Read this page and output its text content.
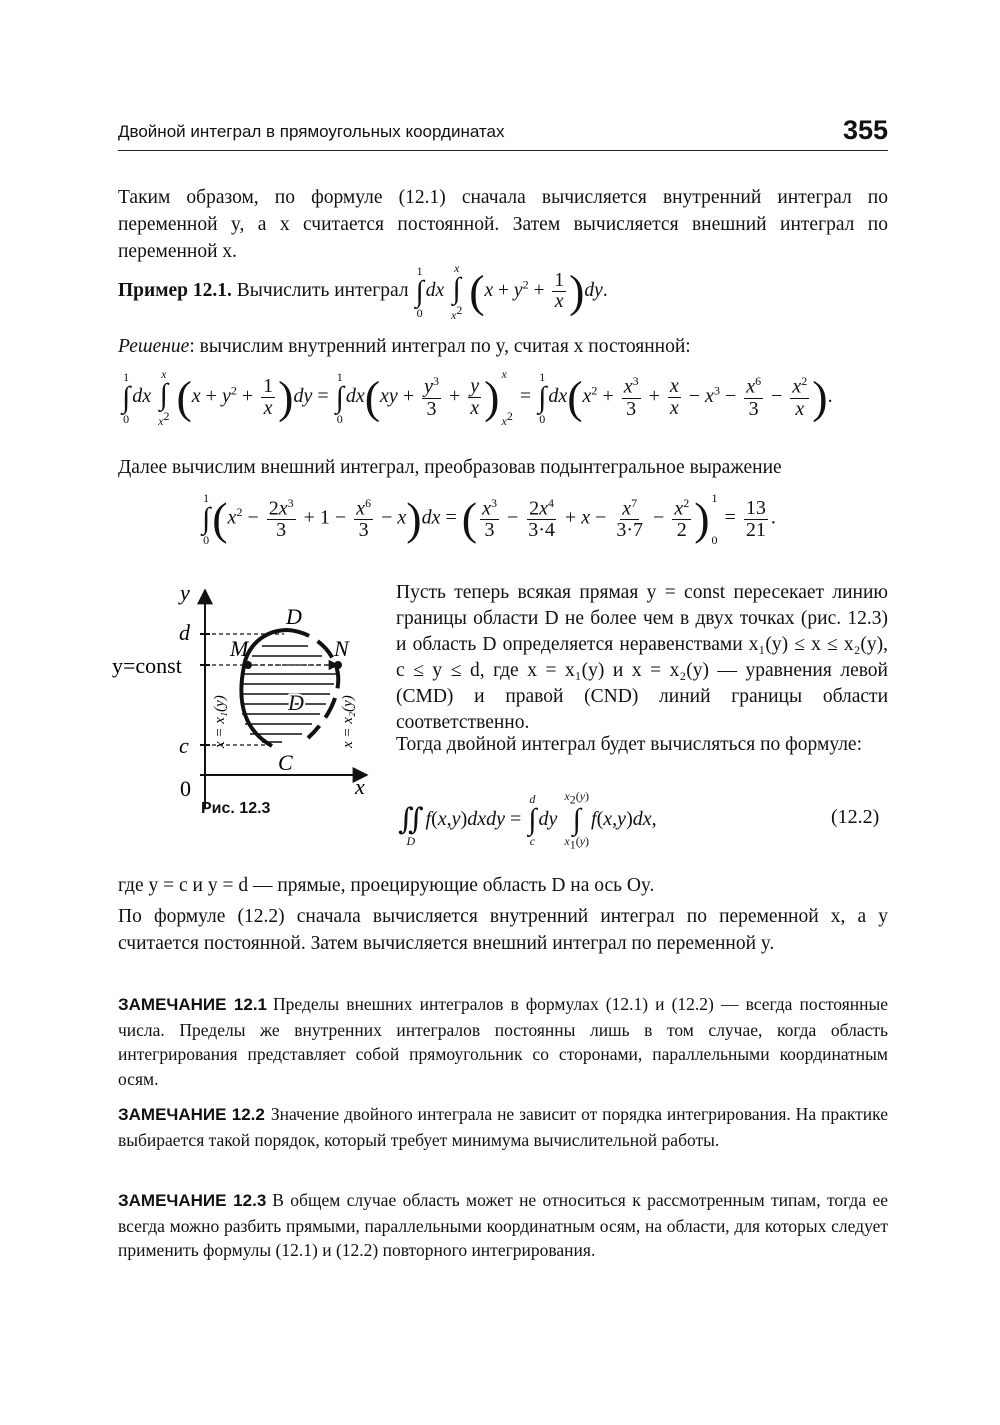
Двойной интеграл в прямоугольных координатах	355
Таким образом, по формуле (12.1) сначала вычисляется внутренний интеграл по переменной y, а x считается постоянной. Затем вычисляется внешний интеграл по переменной x.
Пример 12.1. Вычислить интеграл
1
∫
0
dx
x
∫
x2 $(x + y^2 + \frac{1}{x} )dy$.
Решение: вычислим внутренний интеграл по y, считая x постоянной:
1
∫
0
dx
x
∫
x2 $(x + y^2 + \frac{1}{x} )dy$ =
1
∫
0
$dx(xy + \frac{y^3}{3} + \frac{y}{x}$ ) x

x2
=
1
∫
0
$dx(x^2 + \frac{x^3}{3} + \frac{x}{x} - x^3 - \frac{x^6}{3} - \frac{x^2}{x}$ ).
Далее вычислим внешний интеграл, преобразовав подынтегральное выражение
1
∫
0 $(x^2 - \frac{2x^3}{3} + 1 - \frac{x^6}{3} - x)dx$ = ( $\frac{x^3}{3} - \frac{2x^4}{3\cdot 4} + x - \frac{x^7}{3\cdot 7} - \frac{x^2}{2}$ ) 1

0
= $\frac{13}{21}$ .
y
x
0
d
c
y=const
D
D
M	N
C
x = x₁(y)	x = x₂(y)
Рис. 12.3
Пусть теперь всякая прямая y = const пересекает линию границы области D не более чем в двух точках (рис. 12.3) и область D определяется неравенствами x₁(y) ≤ x ≤ x₂(y), c ≤ y ≤ d, где x = x₁(y) и x = x₂(y) — уравнения левой (CMD) и правой (CND) линий границы области соответственно.
Тогда двойной интеграл будет вычисляться по формуле:

∬
D
f(x,y)dxdy =
d
∫
c
dy
x2(y)
∫
x1(y)
f(x,y)dx,	(12.2)
где y = c и y = d — прямые, проецирующие область D на ось Oy.
По формуле (12.2) сначала вычисляется внутренний интеграл по переменной x, а y считается постоянной. Затем вычисляется внешний интеграл по переменной y.
ЗАМЕЧАНИЕ 12.1 Пределы внешних интегралов в формулах (12.1) и (12.2) — всегда постоянные числа. Пределы же внутренних интегралов постоянны лишь в том случае, когда область интегрирования представляет собой прямоугольник со сторонами, параллельными координатным осям.
ЗАМЕЧАНИЕ 12.2 Значение двойного интеграла не зависит от порядка интегрирования. На практике выбирается такой порядок, который требует минимума вычислительной работы.
ЗАМЕЧАНИЕ 12.3 В общем случае область может не относиться к рассмотренным типам, тогда ее всегда можно разбить прямыми, параллельными координатным осям, на области, для которых следует применить формулы (12.1) и (12.2) повторного интегрирования.
